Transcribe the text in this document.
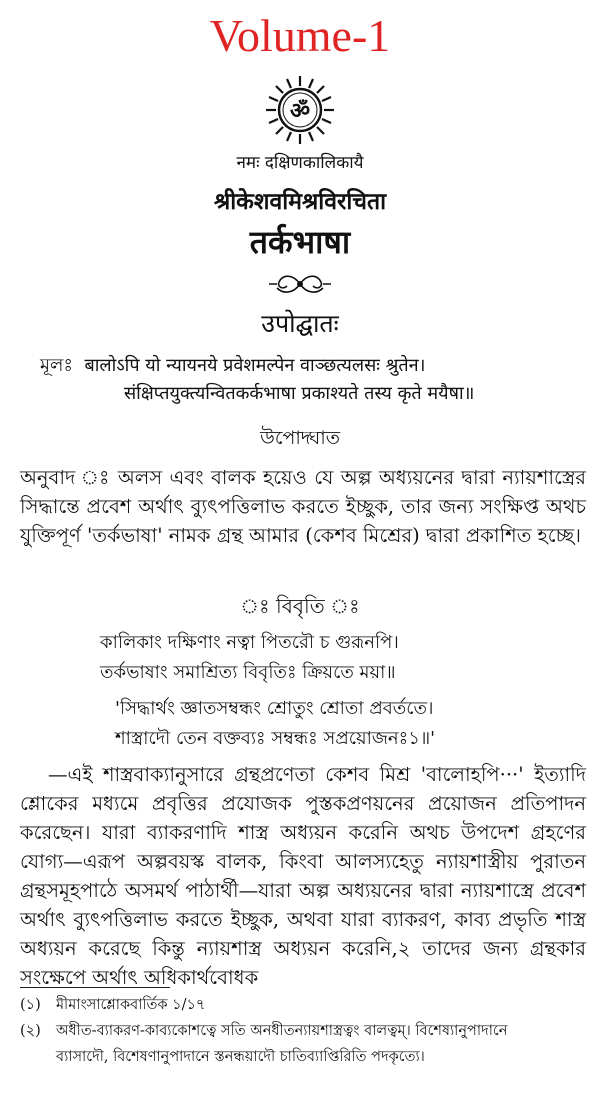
Volume-1
ॐ
नमः दक्षिणकालिकायै
श्रीकेशवमिश्रविरचिता
तर्कभाषा
उपोद्घातः
মূলঃ बालोऽपि यो न्यायनये प्रवेशमल्पेन वाञ्छत्यलसः श्रुतेन।
संक्षिप्तयुक्त्यन्वितकर्कभाषा प्रकाश्यते तस्य कृते मयैषा॥
উপোদ্ঘাত

অনুবাদ ঃ অলস এবং বালক হয়েও যে অল্প অধ্যয়নের দ্বারা ন্যায়শাস্ত্রের সিদ্ধান্তে প্রবেশ অর্থাৎ ব্যুৎপত্তিলাভ করতে ইচ্ছুক, তার জন্য সংক্ষিপ্ত অথচ যুক্তিপূর্ণ 'তর্কভাষা' নামক গ্রন্থ আমার (কেশব মিশ্রের) দ্বারা প্রকাশিত হচ্ছে।

ঃ বিবৃতি ঃ
কালিকাং দক্ষিণাং নত্বা পিতরৌ চ গুরূনপি।
তর্কভাষাং সমাশ্রিত্য বিবৃতিঃ ক্রিয়তে ময়া॥
'সিদ্ধার্থং জ্ঞাতসম্বন্ধং শ্রোতুং শ্রোতা প্রবর্ততে।
শাস্ত্রাদৌ তেন বক্তব্যঃ সম্বন্ধঃ সপ্রয়োজনঃ১॥'

—এই শাস্ত্রবাক্যানুসারে গ্রন্থপ্রণেতা কেশব মিশ্র 'বালোহপি···' ইত্যাদি শ্লোকের মধ্যমে প্রবৃত্তির প্রযোজক পুস্তকপ্রণয়নের প্রয়োজন প্রতিপাদন করেছেন। যারা ব্যাকরণাদি শাস্ত্র অধ্যয়ন করেনি অথচ উপদেশ গ্রহণের যোগ্য—এরূপ অল্পবয়স্ক বালক, কিংবা আলস্যহেতু ন্যায়শাস্ত্রীয় পুরাতন গ্রন্থসমূহপাঠে অসমর্থ পাঠার্থী—যারা অল্প অধ্যয়নের দ্বারা ন্যায়শাস্ত্রে প্রবেশ অর্থাৎ ব্যুৎপত্তিলাভ করতে ইচ্ছুক, অথবা যারা ব্যাকরণ, কাব্য প্রভৃতি শাস্ত্র অধ্যয়ন করেছে কিন্তু ন্যায়শাস্ত্র অধ্যয়ন করেনি,২ তাদের জন্য গ্রন্থকার সংক্ষেপে অর্থাৎ অধিকার্থবোধক

(১) মীমাংসাশ্লোকবার্তিক ১/১৭
(২) অধীত-ব্যাকরণ-কাব্যকোশত্বে সতি অনধীতন্যায়শাস্ত্রত্বং বালত্বম্। বিশেষ্যানুপাদানে
ব্যাসাদৌ, বিশেষণানুপাদানে স্তনন্ধয়াদৌ চাতিব্যাপ্তিরিতি পদকৃত্যে।
